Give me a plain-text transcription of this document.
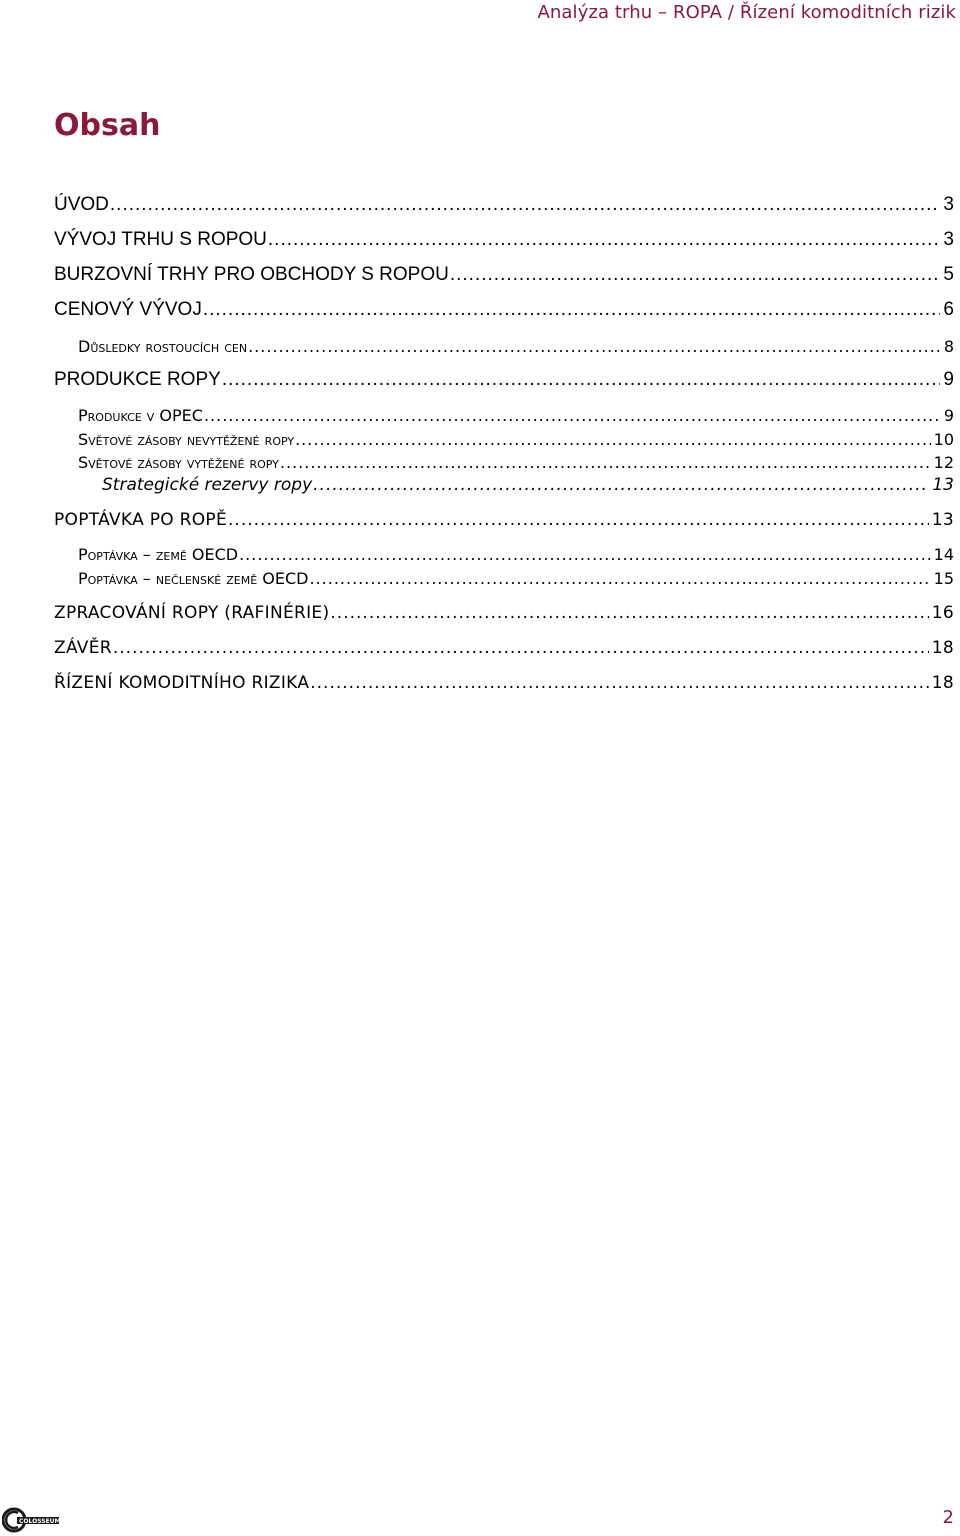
Analýza trhu – ROPA / Řízení komoditních rizik
Obsah
ÚVOD .....	3
VÝVOJ TRHU S ROPOU .....	3
BURZOVNÍ TRHY PRO OBCHODY S ROPOU .....	5
CENOVÝ VÝVOJ .....	6
Důsledky rostoucích cen .....	8
PRODUKCE ROPY .....	9
Produkce v OPEC .....	9
Světové zásoby nevytěžené ropy .....	10
Světové zásoby vytěžené ropy .....	12
Strategické rezervy ropy .....	13
POPTÁVKA PO ROPĚ .....	13
Poptávka – země OECD .....	14
Poptávka – nečlenské země OECD .....	15
ZPRACOVÁNÍ ROPY (RAFINÉRIE) .....	16
ZÁVĚR .....	18
ŘÍZENÍ KOMODITNÍHO RIZIKA .....	18
COLOSSEUM
· · · · · · · · ·
2
